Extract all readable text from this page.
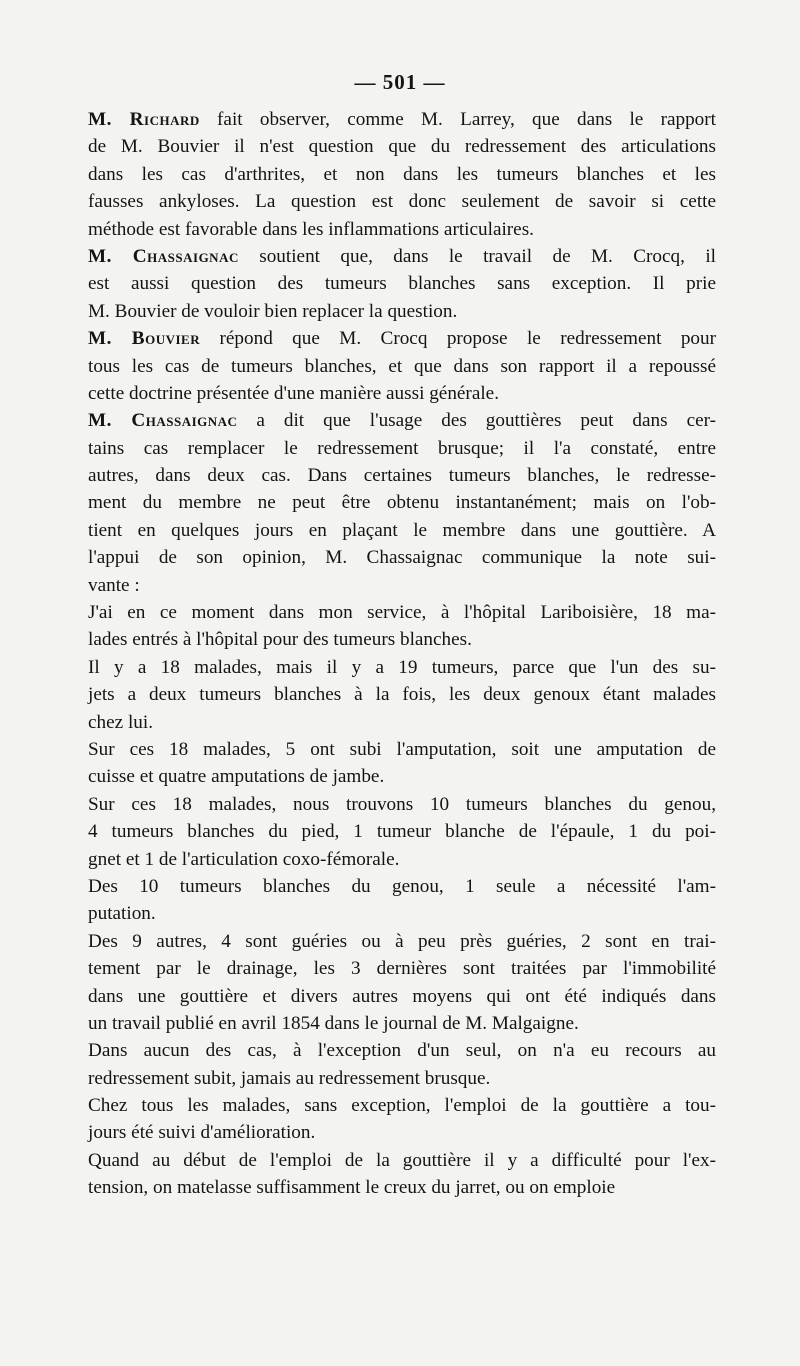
— 501 —
M. Richard fait observer, comme M. Larrey, que dans le rapport
de M. Bouvier il n'est question que du redressement des articulations
dans les cas d'arthrites, et non dans les tumeurs blanches et les
fausses ankyloses. La question est donc seulement de savoir si cette
méthode est favorable dans les inflammations articulaires.
M. Chassaignac soutient que, dans le travail de M. Crocq, il
est aussi question des tumeurs blanches sans exception. Il prie
M. Bouvier de vouloir bien replacer la question.
M. Bouvier répond que M. Crocq propose le redressement pour
tous les cas de tumeurs blanches, et que dans son rapport il a repoussé
cette doctrine présentée d'une manière aussi générale.
M. Chassaignac a dit que l'usage des gouttières peut dans cer-
tains cas remplacer le redressement brusque; il l'a constaté, entre
autres, dans deux cas. Dans certaines tumeurs blanches, le redresse-
ment du membre ne peut être obtenu instantanément; mais on l'ob-
tient en quelques jours en plaçant le membre dans une gouttière. A
l'appui de son opinion, M. Chassaignac communique la note sui-
vante :
J'ai en ce moment dans mon service, à l'hôpital Lariboisière, 18 ma-
lades entrés à l'hôpital pour des tumeurs blanches.
Il y a 18 malades, mais il y a 19 tumeurs, parce que l'un des su-
jets a deux tumeurs blanches à la fois, les deux genoux étant malades
chez lui.
Sur ces 18 malades, 5 ont subi l'amputation, soit une amputation de
cuisse et quatre amputations de jambe.
Sur ces 18 malades, nous trouvons 10 tumeurs blanches du genou,
4 tumeurs blanches du pied, 1 tumeur blanche de l'épaule, 1 du poi-
gnet et 1 de l'articulation coxo-fémorale.
Des 10 tumeurs blanches du genou, 1 seule a nécessité l'am-
putation.
Des 9 autres, 4 sont guéries ou à peu près guéries, 2 sont en trai-
tement par le drainage, les 3 dernières sont traitées par l'immobilité
dans une gouttière et divers autres moyens qui ont été indiqués dans
un travail publié en avril 1854 dans le journal de M. Malgaigne.
Dans aucun des cas, à l'exception d'un seul, on n'a eu recours au
redressement subit, jamais au redressement brusque.
Chez tous les malades, sans exception, l'emploi de la gouttière a tou-
jours été suivi d'amélioration.
Quand au début de l'emploi de la gouttière il y a difficulté pour l'ex-
tension, on matelasse suffisamment le creux du jarret, ou on emploie
